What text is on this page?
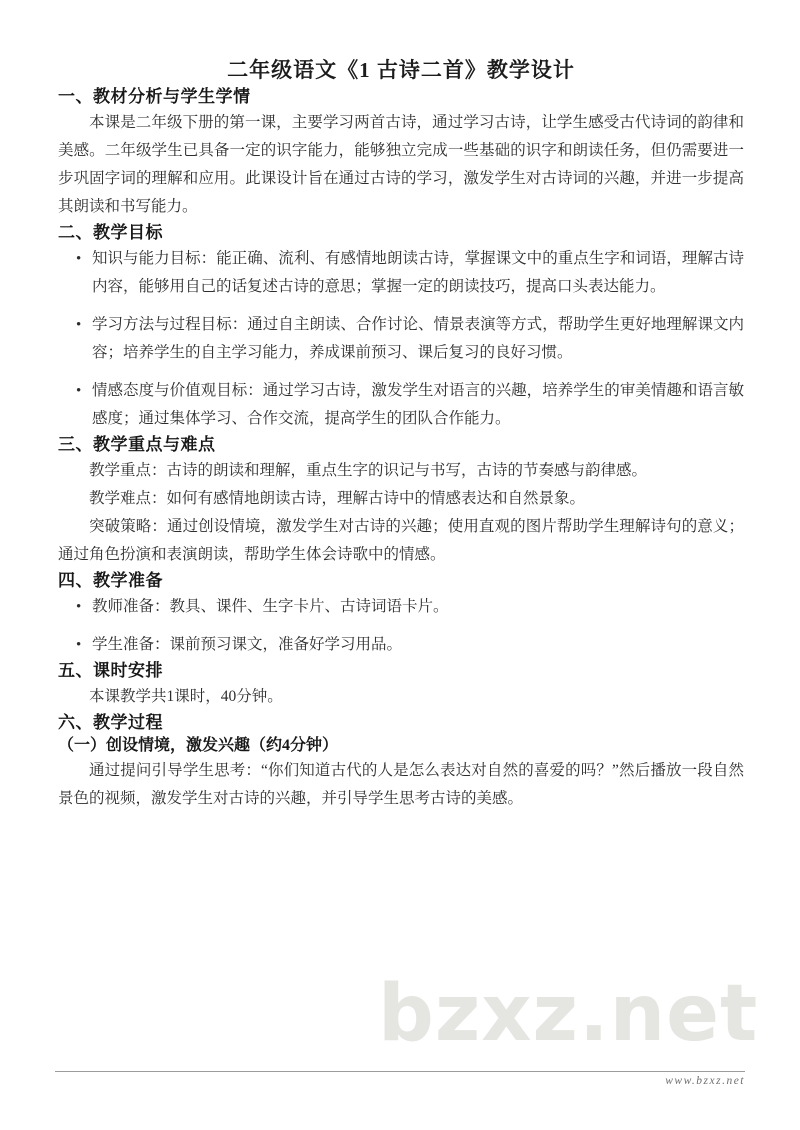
bzxz.net
二年级语文《1 古诗二首》教学设计
一、教材分析与学生学情

本课是二年级下册的第一课，主要学习两首古诗，通过学习古诗，让学生感受古代诗词的韵律和美感。二年级学生已具备一定的识字能力，能够独立完成一些基础的识字和朗读任务，但仍需要进一步巩固字词的理解和应用。此课设计旨在通过古诗的学习，激发学生对古诗词的兴趣，并进一步提高其朗读和书写能力。

二、教学目标
• 知识与能力目标：能正确、流利、有感情地朗读古诗，掌握课文中的重点生字和词语，理解古诗内容，能够用自己的话复述古诗的意思；掌握一定的朗读技巧，提高口头表达能力。
• 学习方法与过程目标：通过自主朗读、合作讨论、情景表演等方式，帮助学生更好地理解课文内容；培养学生的自主学习能力，养成课前预习、课后复习的良好习惯。
• 情感态度与价值观目标：通过学习古诗，激发学生对语言的兴趣，培养学生的审美情趣和语言敏感度；通过集体学习、合作交流，提高学生的团队合作能力。
三、教学重点与难点

教学重点：古诗的朗读和理解，重点生字的识记与书写，古诗的节奏感与韵律感。

教学难点：如何有感情地朗读古诗，理解古诗中的情感表达和自然景象。

突破策略：通过创设情境，激发学生对古诗的兴趣；使用直观的图片帮助学生理解诗句的意义；通过角色扮演和表演朗读，帮助学生体会诗歌中的情感。

四、教学准备
• 教师准备：教具、课件、生字卡片、古诗词语卡片。
• 学生准备：课前预习课文，准备好学习用品。
五、课时安排

本课教学共1课时，40分钟。

六、教学过程
（一）创设情境，激发兴趣（约4分钟）

通过提问引导学生思考：“你们知道古代的人是怎么表达对自然的喜爱的吗？”然后播放一段自然景色的视频，激发学生对古诗的兴趣，并引导学生思考古诗的美感。

www.bzxz.net
